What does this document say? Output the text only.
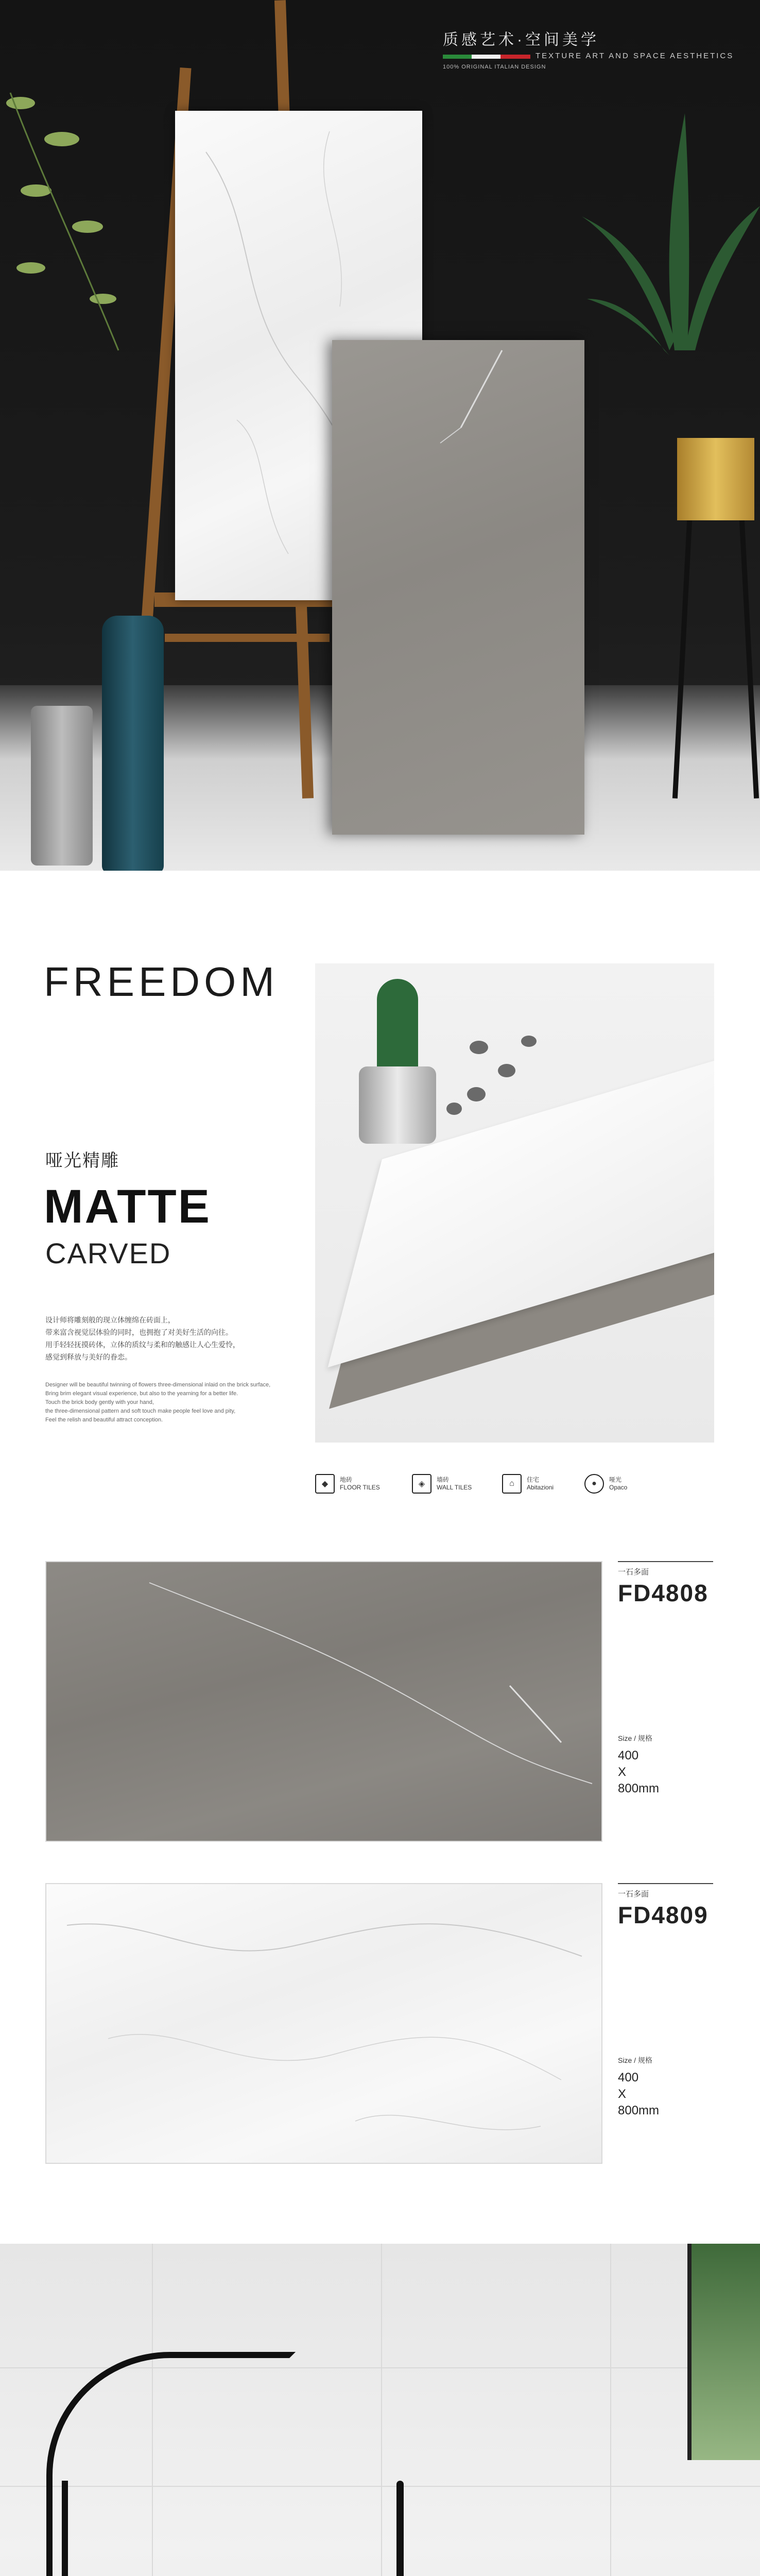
质感艺术·空间美学
TEXTURE ART AND SPACE AESTHETICS
100% ORIGINAL ITALIAN DESIGN
FREEDOM
哑光精雕
MATTE
CARVED
设计师将雕刻般的现立体缠绵在砖面上，
带来富含视觉层体验的同时，也拥抱了对美好生活的向往。
用手轻轻抚摸砖体，立体的质纹与柔和的触感让人心生爱怜，
感觉到释放与美好的眷恋。
Designer will be beautiful twinning of flowers three-dimensional inlaid on the brick surface,
Bring brim elegant visual experience, but also to the yearning for a better life.
Touch the brick body gently with your hand,
the three-dimensional pattern and soft touch make people feel love and pity,
Feel the relish and beautiful attract conception.
◆	地砖
FLOOR TILES	◈	墙砖
WALL TILES	⌂	住宅
Abitazioni	●	哑光
Opaco
一石多面
FD4808
Size / 规格
400
X
800mm
一石多面
FD4809
Size / 规格
400
X
800mm
